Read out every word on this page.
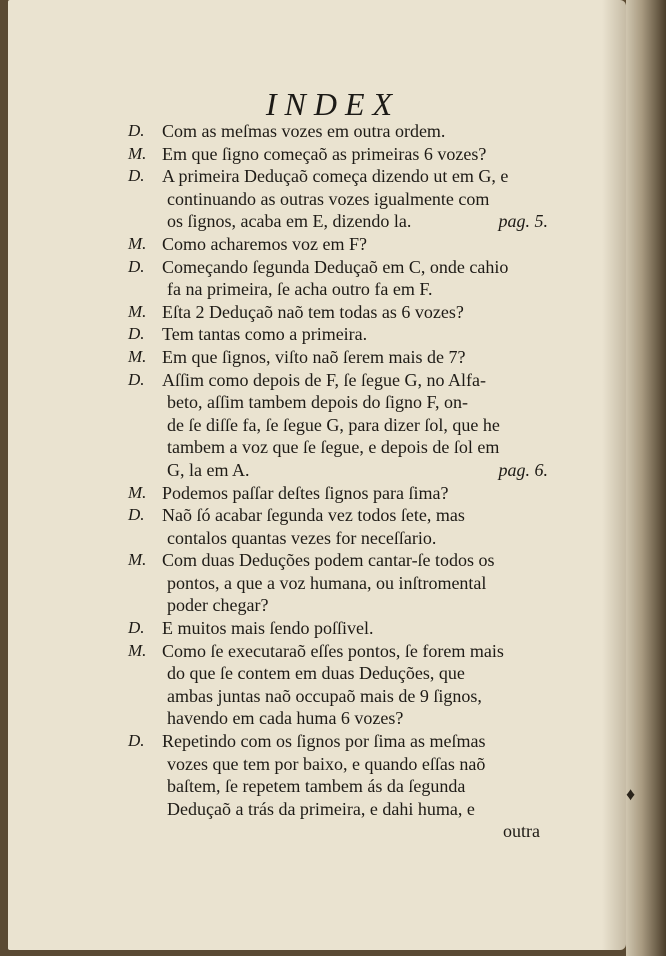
INDEX
D. Com as meſmas vozes em outra ordem.
M. Em que ſigno começaõ as primeiras 6 vozes?
D. A primeira Deduçaõ começa dizendo ut em G, e
continuando as outras vozes igualmente com
os ſignos, acaba em E, dizendo la.	pag. 5.
M. Como acharemos voz em F?
D. Começando ſegunda Deduçaõ em C, onde cahio
fa na primeira, ſe acha outro fa em F.
M. Eſta 2 Deduçaõ naõ tem todas as 6 vozes?
D. Tem tantas como a primeira.
M. Em que ſignos, viſto naõ ſerem mais de 7?
D. Aſſim como depois de F, ſe ſegue G, no Alfa-
beto, aſſim tambem depois do ſigno F, on-
de ſe diſſe fa, ſe ſegue G, para dizer ſol, que he
tambem a voz que ſe ſegue, e depois de ſol em
G, la em A.	pag. 6.
M. Podemos paſſar deſtes ſignos para ſima?
D. Naõ ſó acabar ſegunda vez todos ſete, mas
contalos quantas vezes for neceſſario.
M. Com duas Deduções podem cantar-ſe todos os
pontos, a que a voz humana, ou inſtromental
poder chegar?
D. E muitos mais ſendo poſſivel.
M. Como ſe executaraõ eſſes pontos, ſe forem mais
do que ſe contem em duas Deduções, que
ambas juntas naõ occupaõ mais de 9 ſignos,
havendo em cada huma 6 vozes?
D. Repetindo com os ſignos por ſima as meſmas
vozes que tem por baixo, e quando eſſas naõ
baſtem, ſe repetem tambem ás da ſegunda
Deduçaõ a trás da primeira, e dahi huma, e
outra
♦
